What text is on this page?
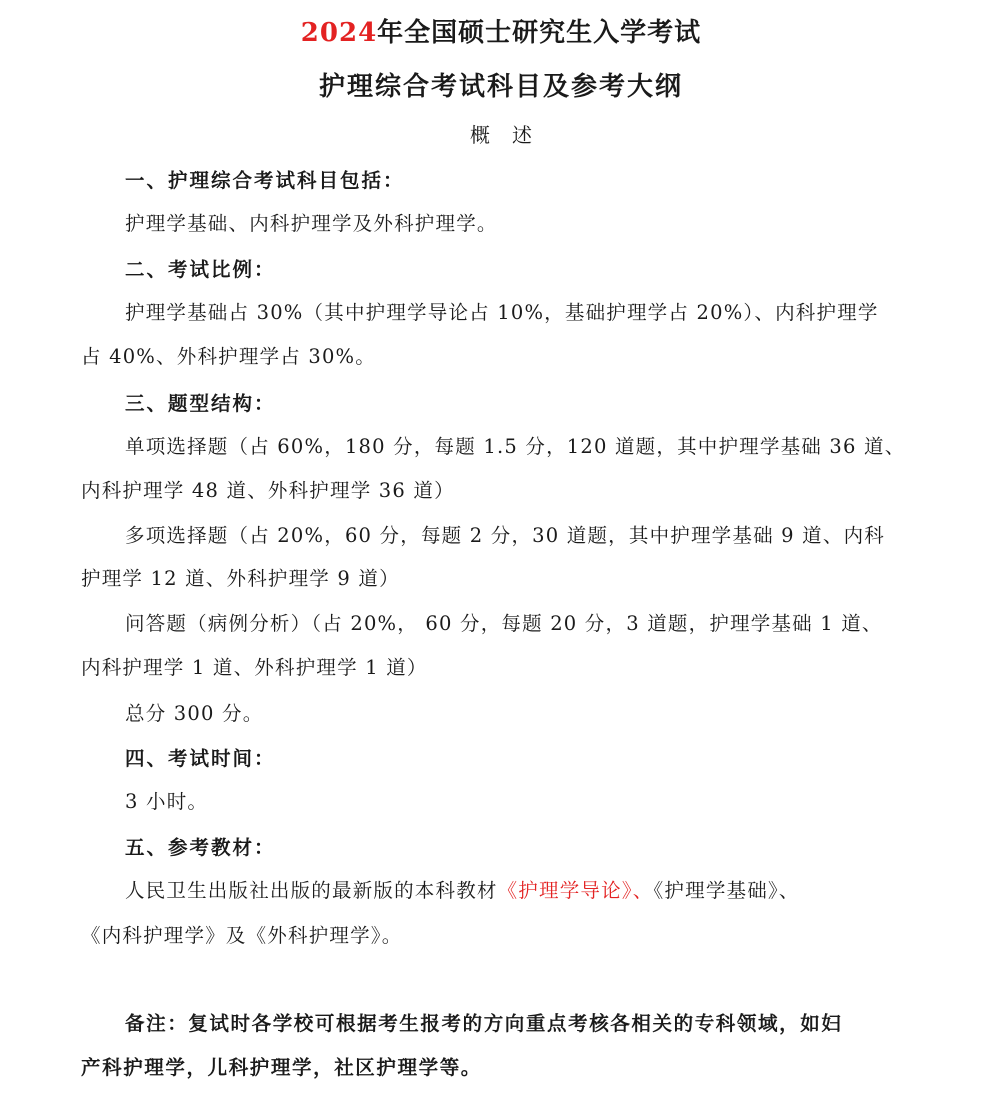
2024年全国硕士研究生入学考试
护理综合考试科目及参考大纲
概述
一、护理综合考试科目包括：
护理学基础、内科护理学及外科护理学。
二、考试比例：
护理学基础占 30%（其中护理学导论占 10%，基础护理学占 20%）、内科护理学
占 40%、外科护理学占 30%。
三、题型结构：
单项选择题（占 60%，180 分，每题 1.5 分，120 道题，其中护理学基础 36 道、
内科护理学 48 道、外科护理学 36 道）
多项选择题（占 20%，60 分，每题 2 分，30 道题，其中护理学基础 9 道、内科
护理学 12 道、外科护理学 9 道）
问答题（病例分析）（占 20%， 60 分，每题 20 分，3 道题，护理学基础 1 道、
内科护理学 1 道、外科护理学 1 道）
总分 300 分。
四、考试时间：
3 小时。
五、参考教材：
人民卫生出版社出版的最新版的本科教材《护理学导论》、《护理学基础》、
《内科护理学》及《外科护理学》。
备注：复试时各学校可根据考生报考的方向重点考核各相关的专科领域，如妇
产科护理学，儿科护理学，社区护理学等。
